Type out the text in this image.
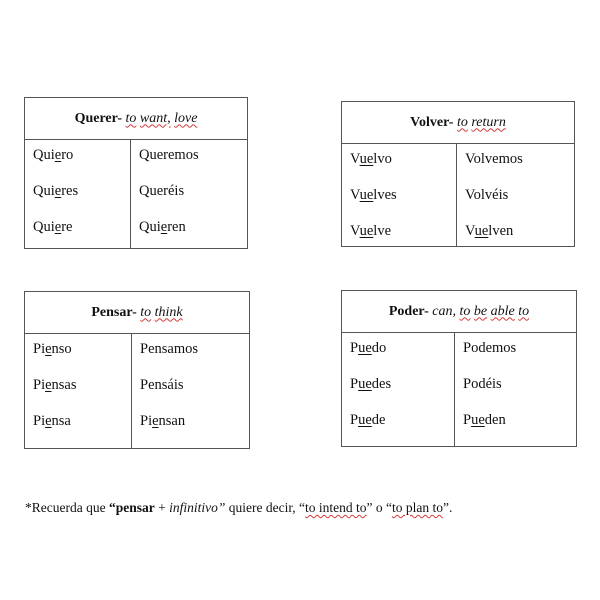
Querer-
to want, love
Quiero
Quieres
Quiere
Queremos
Queréis
Quieren
Volver-
to return
Vuelvo
Vuelves
Vuelve
Volvemos
Volvéis
Vuelven
Pensar-
to think
Pienso
Piensas
Piensa
Pensamos
Pensáis
Piensan
Poder-
can, to be able to
Puedo
Puedes
Puede
Podemos
Podéis
Pueden
*Recuerda que “pensar + infinitivo” quiere decir, “to intend to” o “to plan to”.
